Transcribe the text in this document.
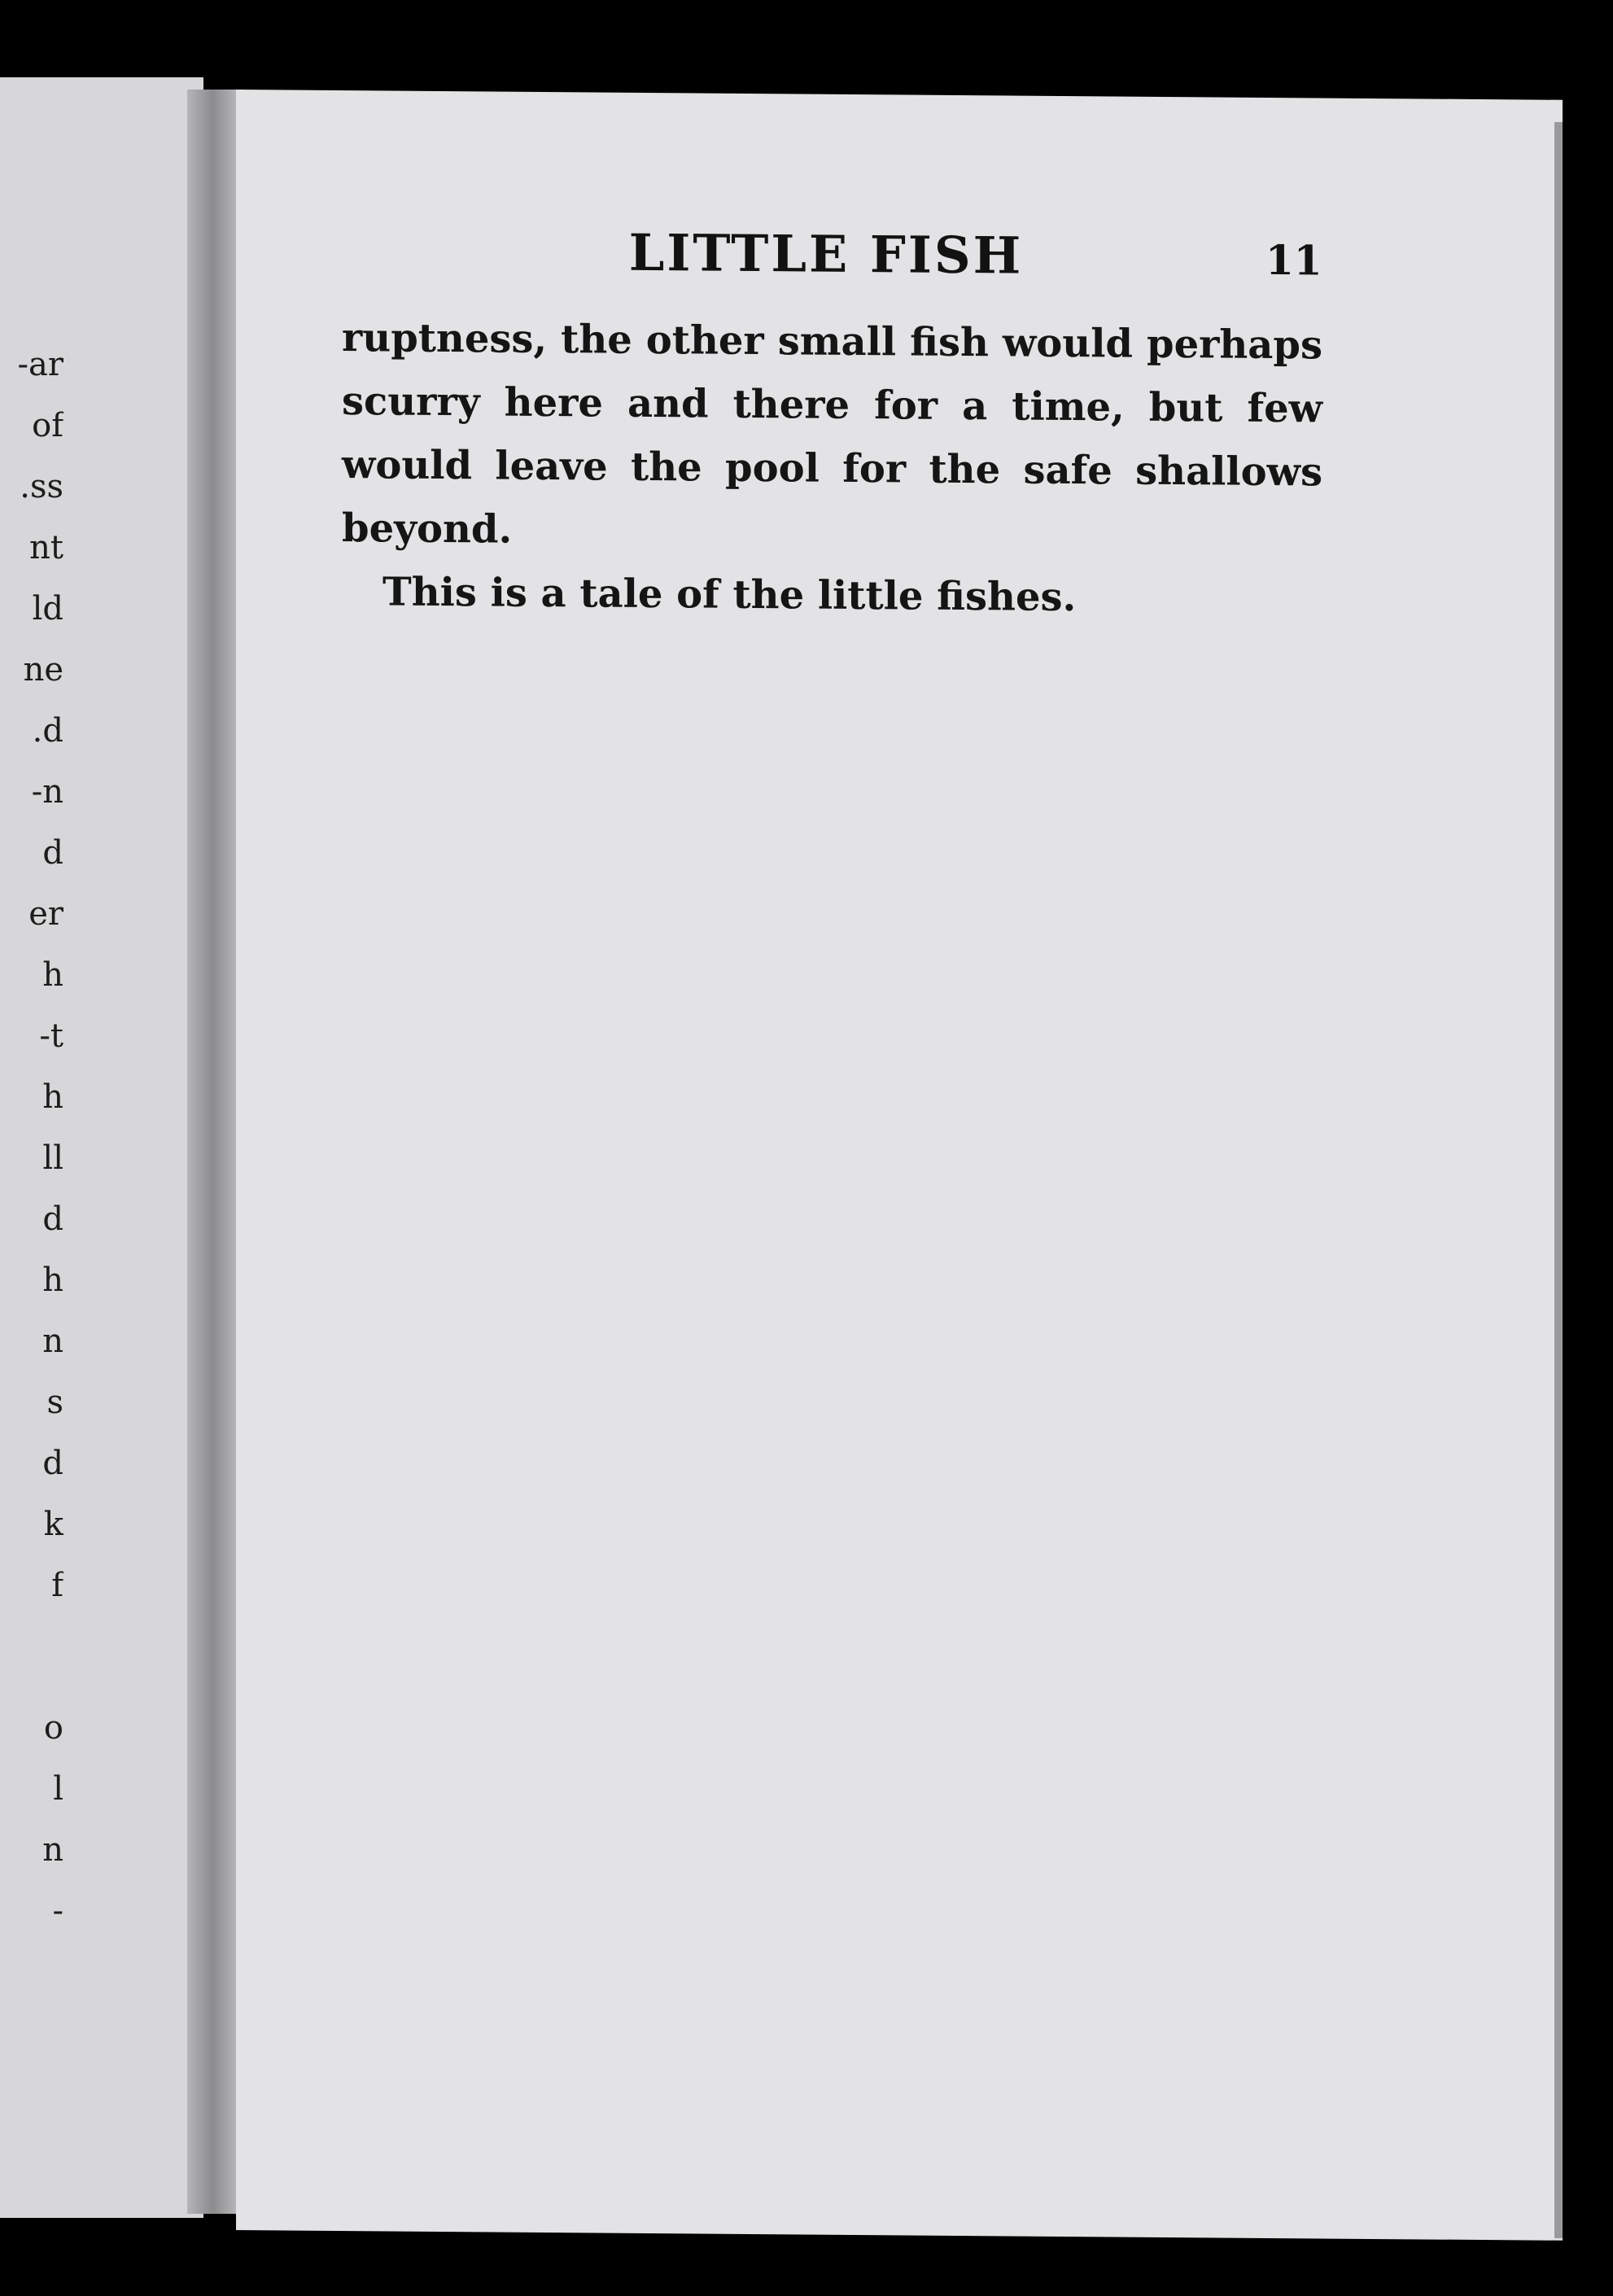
ar-
of
ss.
nt
ld
ne
d.
n-
d
er
h
t-
h
ll
d
h
n
s
d
k
f
o
l
n
-
LITTLE FISH	11

ruptness, the other small fish would perhaps scurry here and there for a time, but few would leave the pool for the safe shallows beyond.

This is a tale of the little fishes.
